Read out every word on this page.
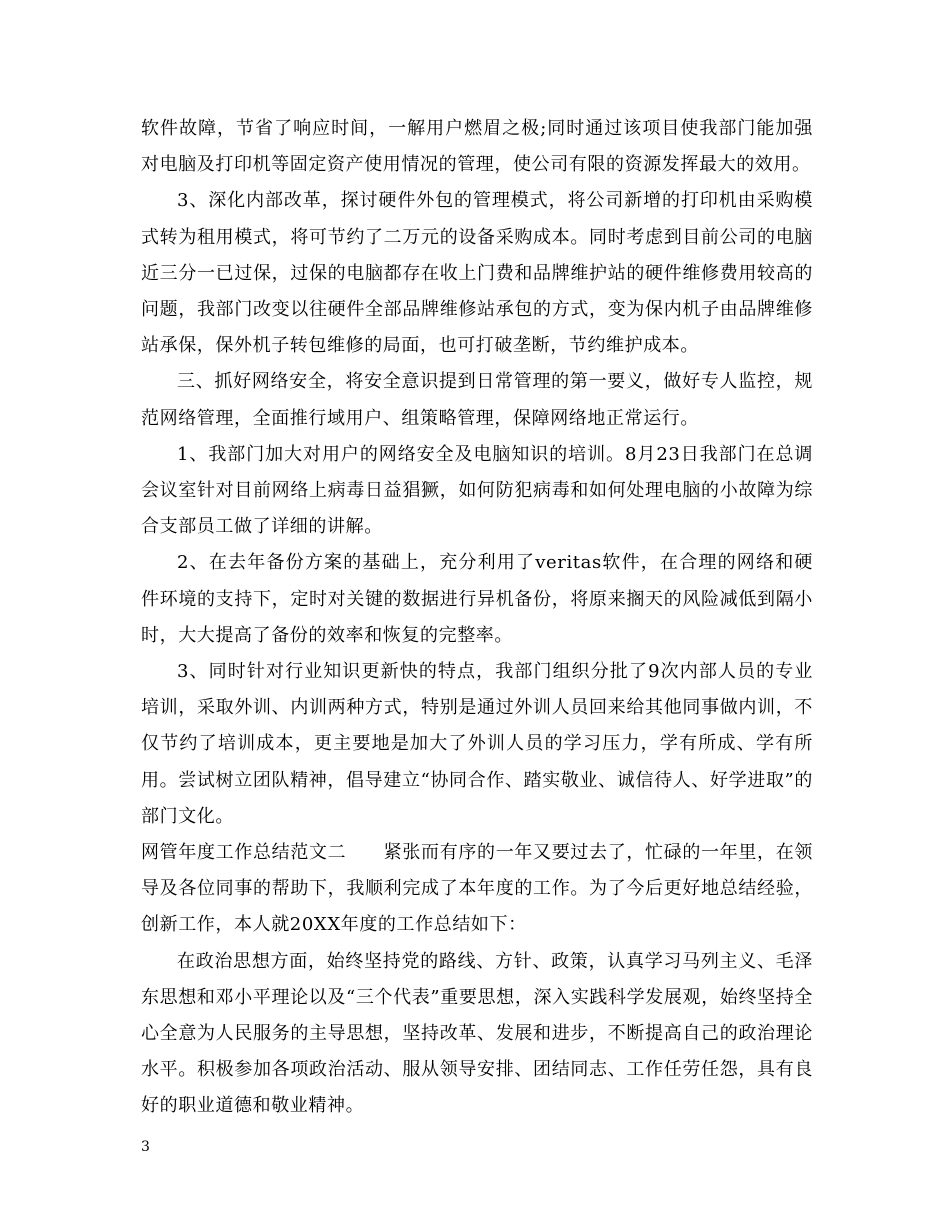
软件故障，节省了响应时间，一解用户燃眉之极;同时通过该项目使我部门能加强对电脑及打印机等固定资产使用情况的管理，使公司有限的资源发挥最大的效用。

3、深化内部改革，探讨硬件外包的管理模式，将公司新增的打印机由采购模式转为租用模式，将可节约了二万元的设备采购成本。同时考虑到目前公司的电脑近三分一已过保，过保的电脑都存在收上门费和品牌维护站的硬件维修费用较高的问题，我部门改变以往硬件全部品牌维修站承包的方式，变为保内机子由品牌维修站承保，保外机子转包维修的局面，也可打破垄断，节约维护成本。

三、抓好网络安全，将安全意识提到日常管理的第一要义，做好专人监控，规范网络管理，全面推行域用户、组策略管理，保障网络地正常运行。

1、我部门加大对用户的网络安全及电脑知识的培训。8月23日我部门在总调会议室针对目前网络上病毒日益猖獗，如何防犯病毒和如何处理电脑的小故障为综合支部员工做了详细的讲解。

2、在去年备份方案的基础上，充分利用了veritas软件，在合理的网络和硬件环境的支持下，定时对关键的数据进行异机备份，将原来搁天的风险减低到隔小时，大大提高了备份的效率和恢复的完整率。

3、同时针对行业知识更新快的特点，我部门组织分批了9次内部人员的专业培训，采取外训、内训两种方式，特别是通过外训人员回来给其他同事做内训，不仅节约了培训成本，更主要地是加大了外训人员的学习压力，学有所成、学有所用。尝试树立团队精神，倡导建立“协同合作、踏实敬业、诚信待人、好学进取”的部门文化。

网管年度工作总结范文二　　紧张而有序的一年又要过去了，忙碌的一年里，在领导及各位同事的帮助下，我顺利完成了本年度的工作。为了今后更好地总结经验，创新工作，本人就20XX年度的工作总结如下：

在政治思想方面，始终坚持党的路线、方针、政策，认真学习马列主义、毛泽东思想和邓小平理论以及“三个代表”重要思想，深入实践科学发展观，始终坚持全心全意为人民服务的主导思想，坚持改革、发展和进步，不断提高自己的政治理论水平。积极参加各项政治活动、服从领导安排、团结同志、工作任劳任怨，具有良好的职业道德和敬业精神。

3
